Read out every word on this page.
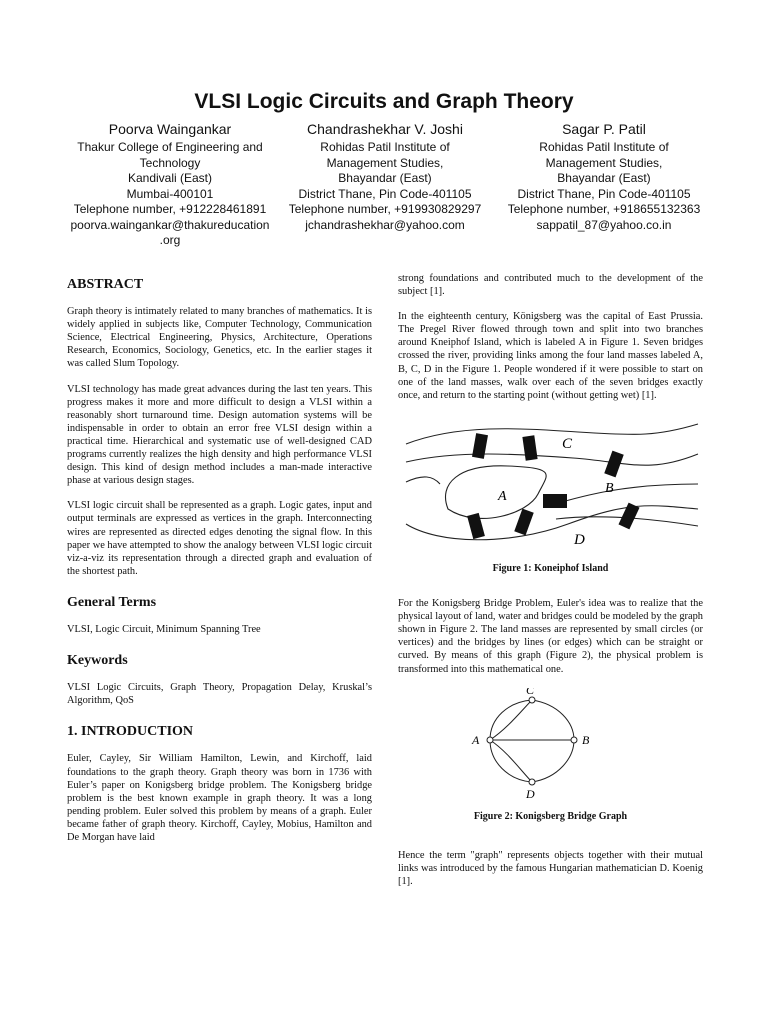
VLSI Logic Circuits and Graph Theory
Poorva Waingankar
Thakur College of Engineering and
Technology
Kandivali (East)
Mumbai-400101
Telephone number, +912228461891
poorva.waingankar@thakureducation
.org
Chandrashekhar V. Joshi
Rohidas Patil Institute of
Management Studies,
Bhayandar (East)
District Thane, Pin Code-401105
Telephone number, +919930829297
jchandrashekhar@yahoo.com
Sagar P. Patil
Rohidas Patil Institute of
Management Studies,
Bhayandar (East)
District Thane, Pin Code-401105
Telephone number, +918655132363
sappatil_87@yahoo.co.in
ABSTRACT

Graph theory is intimately related to many branches of mathematics. It is widely applied in subjects like, Computer Technology, Communication Science, Electrical Engineering, Physics, Architecture, Operations Research, Economics, Sociology, Genetics, etc. In the earlier stages it was called Slum Topology.

VLSI technology has made great advances during the last ten years. This progress makes it more and more difficult to design a VLSI within a reasonably short turnaround time. Design automation systems will be indispensable in order to obtain an error free VLSI design within a practical time. Hierarchical and systematic use of well-designed CAD programs currently realizes the high density and high performance VLSI design. This kind of design method includes a man-made interactive phase at various design stages.

VLSI logic circuit shall be represented as a graph. Logic gates, input and output terminals are expressed as vertices in the graph. Interconnecting wires are represented as directed edges denoting the signal flow. In this paper we have attempted to show the analogy between VLSI logic circuit viz-a-viz its representation through a directed graph and evaluation of the shortest path.

General Terms

VLSI, Logic Circuit, Minimum Spanning Tree

Keywords

VLSI Logic Circuits, Graph Theory, Propagation Delay, Kruskal’s Algorithm, QoS

1. INTRODUCTION

Euler, Cayley, Sir William Hamilton, Lewin, and Kirchoff, laid foundations to the graph theory. Graph theory was born in 1736 with Euler’s paper on Konigsberg bridge problem. The Konigsberg bridge problem is the best known example in graph theory. It was a long pending problem. Euler solved this problem by means of a graph. Euler became father of graph theory. Kirchoff, Cayley, Mobius, Hamilton and De Morgan have laid

strong foundations and contributed much to the development of the subject [1].

In the eighteenth century, Königsberg was the capital of East Prussia. The Pregel River flowed through town and split into two branches around Kneiphof Island, which is labeled A in Figure 1. Seven bridges crossed the river, providing links among the four land masses labeled A, B, C, D in the Figure 1. People wondered if it were possible to start on one of the land masses, walk over each of the seven bridges exactly once, and return to the starting point (without getting wet) [1].

C
B
A
D
Figure 1: Koneiphof Island

For the Konigsberg Bridge Problem, Euler's idea was to realize that the physical layout of land, water and bridges could be modeled by the graph shown in Figure 2. The land masses are represented by small circles (or vertices) and the bridges by lines (or edges) which can be straight or curved. By means of this graph (Figure 2), the physical problem is transformed into this mathematical one.

C
A	B
D
Figure 2: Konigsberg Bridge Graph

Hence the term "graph" represents objects together with their mutual links was introduced by the famous Hungarian mathematician D. Koenig [1].
